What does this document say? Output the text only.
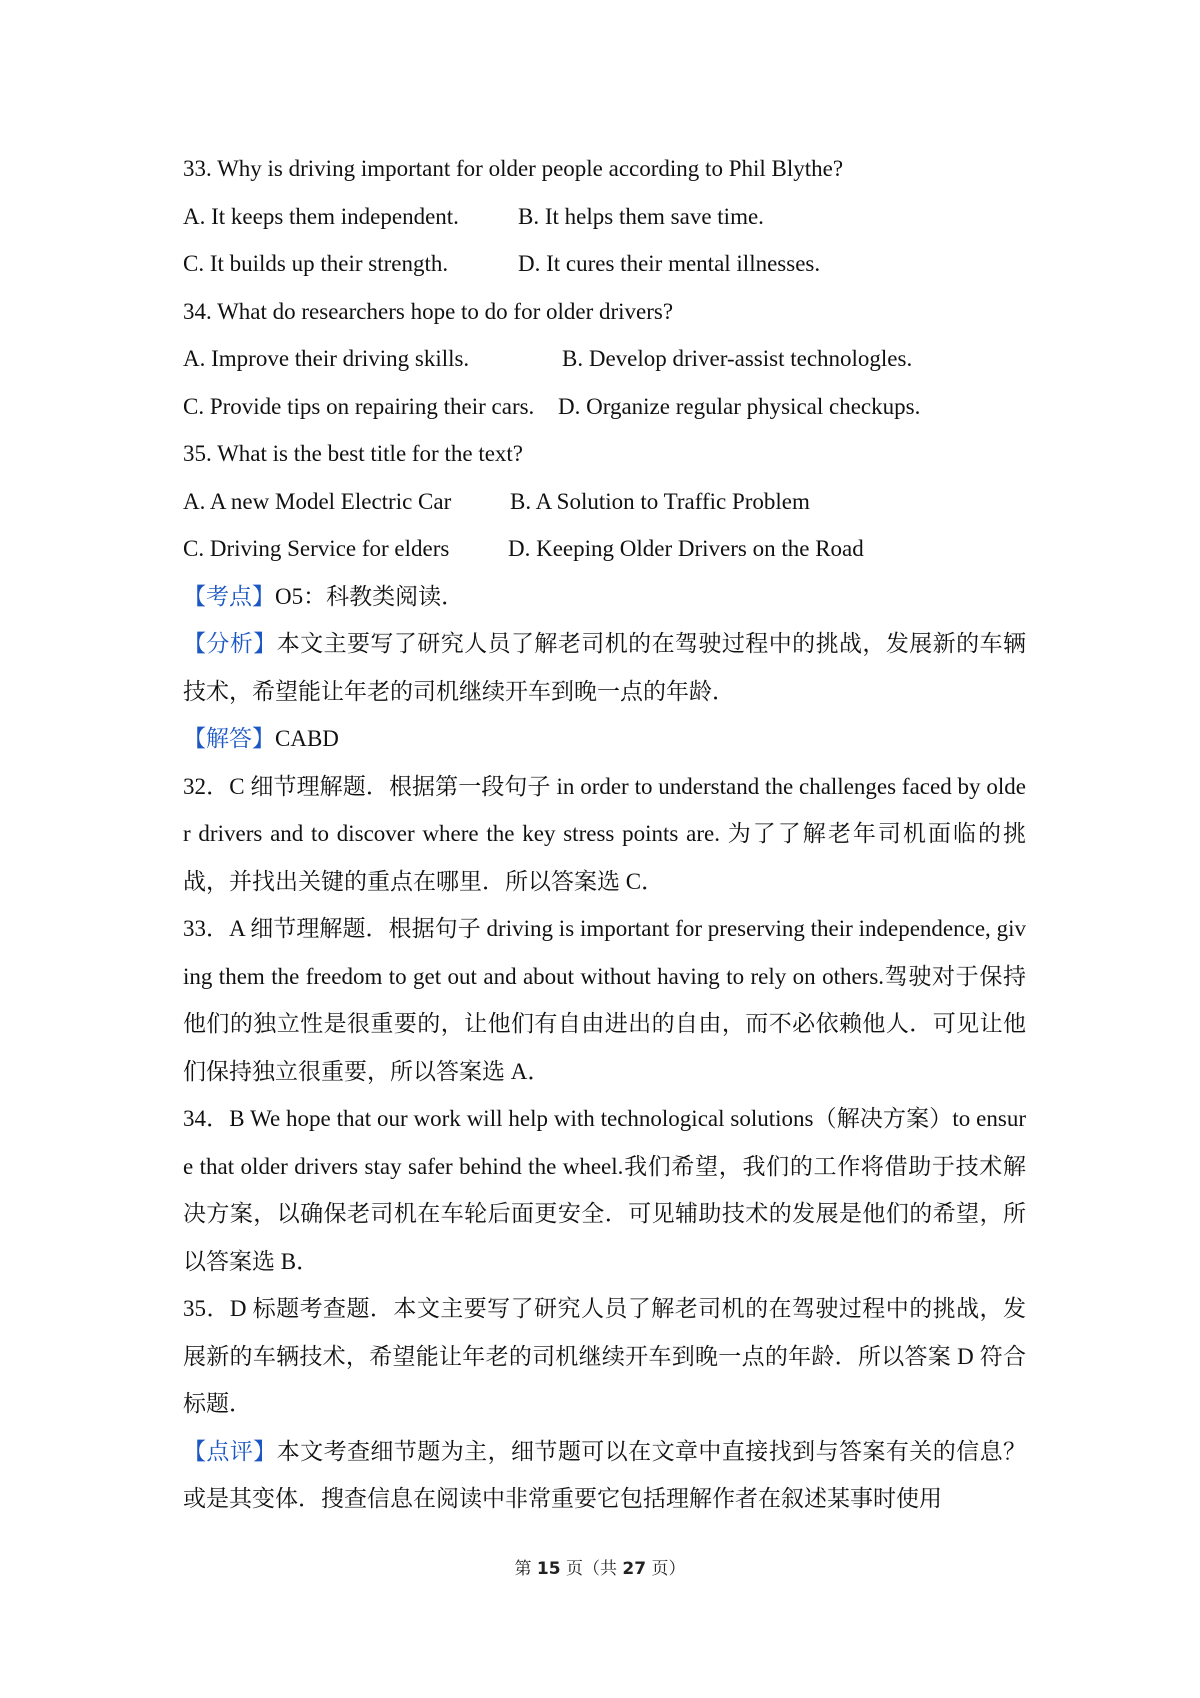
33. Why is driving important for older people according to Phil Blythe?
A. It keeps them independent.	B. It helps them save time.
C. It builds up their strength.	D. It cures their mental illnesses.
34. What do researchers hope to do for older drivers?
A. Improve their driving skills.	B. Develop driver-assist technologles.
C. Provide tips on repairing their cars.	D. Organize regular physical checkups.
35. What is the best title for the text?
A. A new Model Electric Car	B. A Solution to Traffic Problem
C. Driving Service for elders	D. Keeping Older Drivers on the Road
【考点】O5：科教类阅读．
【分析】本文主要写了研究人员了解老司机的在驾驶过程中的挑战，发展新的车辆技术，希望能让年老的司机继续开车到晚一点的年龄．
【解答】CABD
32．C 细节理解题．根据第一段句子 in order to understand the challenges faced by older drivers and to discover where the key stress points are. 为了了解老年司机面临的挑战，并找出关键的重点在哪里．所以答案选 C．
33．A 细节理解题．根据句子 driving is important for preserving their independence, giving them the freedom to get out and about without having to rely on others.驾驶对于保持他们的独立性是很重要的，让他们有自由进出的自由，而不必依赖他人．可见让他们保持独立很重要，所以答案选 A．
34．B We hope that our work will help with technological solutions（解决方案）to ensure that older drivers stay safer behind the wheel.我们希望，我们的工作将借助于技术解决方案，以确保老司机在车轮后面更安全．可见辅助技术的发展是他们的希望，所以答案选 B．
35．D 标题考查题．本文主要写了研究人员了解老司机的在驾驶过程中的挑战，发展新的车辆技术，希望能让年老的司机继续开车到晚一点的年龄．所以答案 D 符合标题．
【点评】本文考查细节题为主，细节题可以在文章中直接找到与答案有关的信息？或是其变体．搜查信息在阅读中非常重要它包括理解作者在叙述某事时使用
第 15 页（共 27 页）
